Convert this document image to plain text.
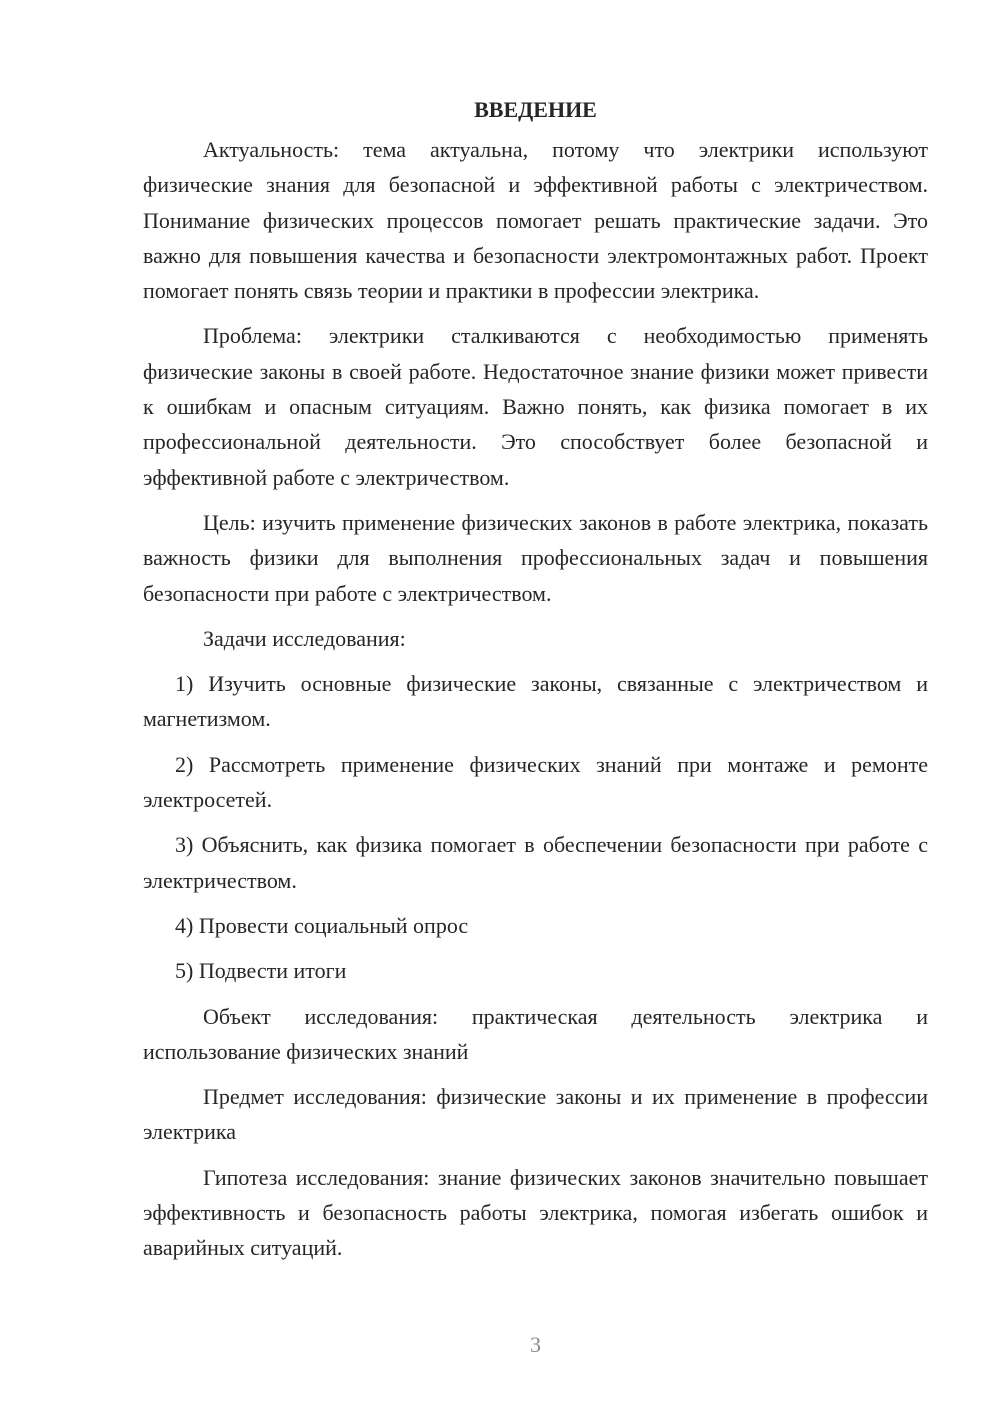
ВВЕДЕНИЕ

Актуальность: тема актуальна, потому что электрики используют физические знания для безопасной и эффективной работы с электричеством. Понимание физических процессов помогает решать практические задачи. Это важно для повышения качества и безопасности электромонтажных работ. Проект помогает понять связь теории и практики в профессии электрика.

Проблема: электрики сталкиваются с необходимостью применять физические законы в своей работе. Недостаточное знание физики может привести к ошибкам и опасным ситуациям. Важно понять, как физика помогает в их профессиональной деятельности. Это способствует более безопасной и эффективной работе с электричеством.

Цель: изучить применение физических законов в работе электрика, показать важность физики для выполнения профессиональных задач и повышения безопасности при работе с электричеством.

Задачи исследования:

1) Изучить основные физические законы, связанные с электричеством и магнетизмом.

2) Рассмотреть применение физических знаний при монтаже и ремонте электросетей.

3) Объяснить, как физика помогает в обеспечении безопасности при работе с электричеством.

4) Провести социальный опрос

5) Подвести итоги

Объект исследования: практическая деятельность электрика и использование физических знаний

Предмет исследования: физические законы и их применение в профессии электрика

Гипотеза исследования: знание физических законов значительно повышает эффективность и безопасность работы электрика, помогая избегать ошибок и аварийных ситуаций.

3
